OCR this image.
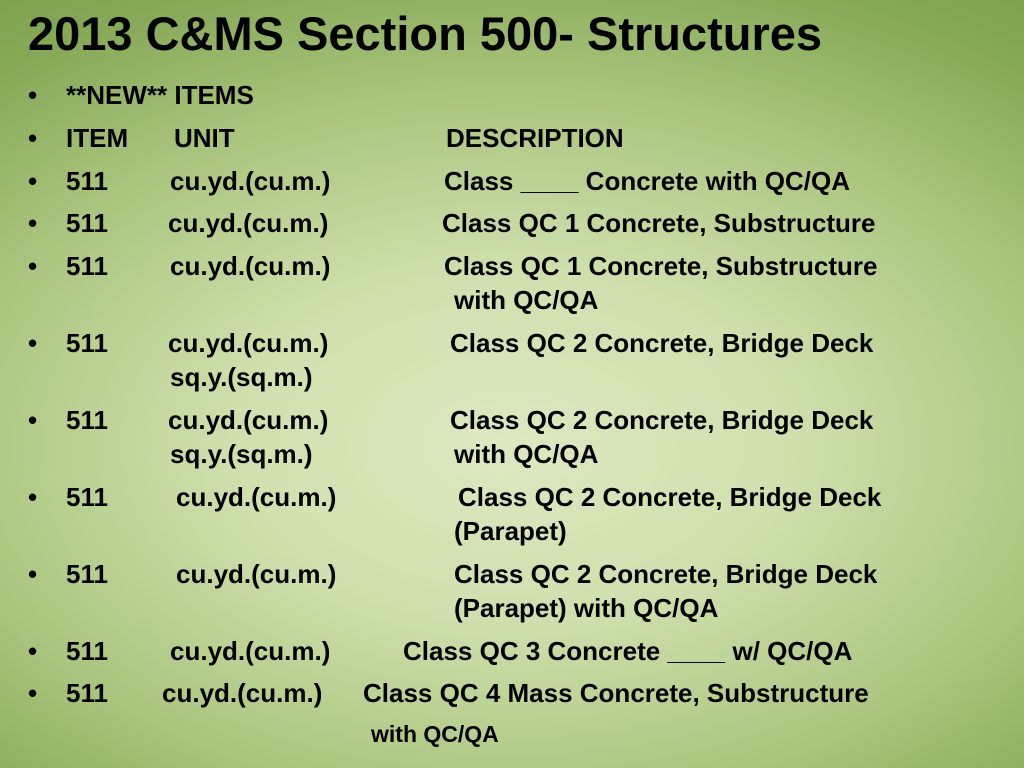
2013 C&MS Section 500- Structures
• **NEW** ITEMS
• ITEM UNIT	DESCRIPTION
• 511 cu.yd.(cu.m.)	Class ____ Concrete with QC/QA
• 511 cu.yd.(cu.m.)	Class QC 1 Concrete, Substructure
• 511 cu.yd.(cu.m.)	Class QC 1 Concrete, Substructure
with QC/QA
• 511 cu.yd.(cu.m.)	Class QC 2 Concrete, Bridge Deck
sq.y.(sq.m.)
• 511 cu.yd.(cu.m.)	Class QC 2 Concrete, Bridge Deck
sq.y.(sq.m.)	with QC/QA
• 511	cu.yd.(cu.m.)	Class QC 2 Concrete, Bridge Deck
(Parapet)
• 511	cu.yd.(cu.m.)	Class QC 2 Concrete, Bridge Deck
(Parapet) with QC/QA
• 511 cu.yd.(cu.m.)	Class QC 3 Concrete ____ w/ QC/QA
• 511 cu.yd.(cu.m.) Class QC 4 Mass Concrete, Substructure
with QC/QA
